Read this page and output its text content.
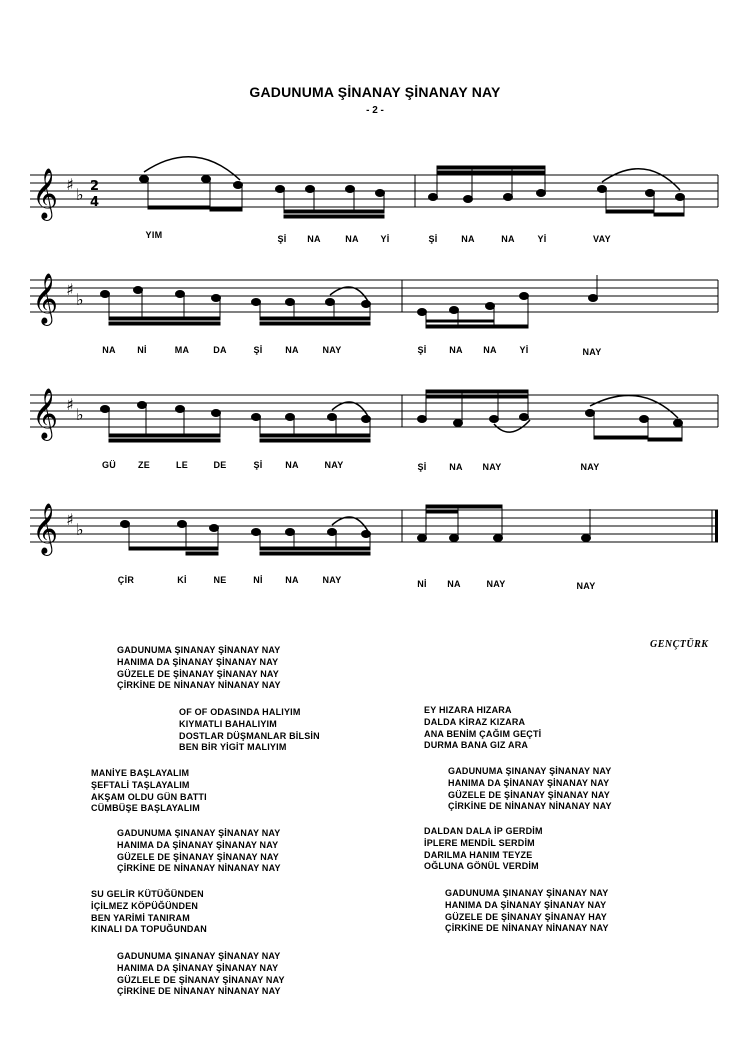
GADUNUMA ŞİNANAY ŞİNANAY NAY
- 2 -
𝄞 ♯
♭ 2
4
YIM	Şİ NA	NA Yİ	Şİ	NA	NA	Yİ	VAY
𝄞 ♯
♭
NA Nİ	MA	DA	Şİ	NA	NAY	Şİ	NA NA	Yİ	NAY
𝄞 ♯
♭
GÜ ZE	LE	DE	Şİ	NA	NAY	Şİ	NA NAY	NAY
𝄞 ♯
♭
ÇİR	Kİ	NE	Nİ NA	NAY	Nİ NA	NAY	NAY
GENÇTÜRK
GADUNUMA ŞINANAY ŞİNANAY NAY
HANIMA DA ŞİNANAY ŞİNANAY NAY
GÜZELE DE ŞİNANAY ŞİNANAY NAY
ÇİRKİNE DE NİNANAY NİNANAY NAY
OF OF ODASINDA HALIYIM
KIYMATLI BAHALIYIM
DOSTLAR DÜŞMANLAR BİLSİN
BEN BİR YİGİT MALIYIM
EY HIZARA HIZARA
DALDA KİRAZ KIZARA
ANA BENİM ÇAĞIM GEÇTİ
DURMA BANA GIZ ARA
MANİYE BAŞLAYALIM
ŞEFTALİ TAŞLAYALIM
AKŞAM OLDU GÜN BATTI
CÜMBÜŞE BAŞLAYALIM
GADUNUMA ŞINANAY ŞİNANAY NAY
HANIMA DA ŞİNANAY ŞİNANAY NAY
GÜZELE DE ŞİNANAY ŞİNANAY NAY
ÇİRKİNE DE NİNANAY NİNANAY NAY
GADUNUMA ŞINANAY ŞİNANAY NAY
HANIMA DA ŞİNANAY ŞİNANAY NAY
GÜZELE DE ŞİNANAY ŞİNANAY NAY
ÇİRKİNE DE NİNANAY NİNANAY NAY
DALDAN DALA İP GERDİM
İPLERE MENDİL SERDİM
DARILMA HANIM TEYZE
OĞLUNA GÖNÜL VERDİM
SU GELİR KÜTÜĞÜNDEN
İÇİLMEZ KÖPÜĞÜNDEN
BEN YARİMİ TANIRAM
KINALI DA TOPUĞUNDAN
GADUNUMA ŞINANAY ŞİNANAY NAY
HANIMA DA ŞİNANAY ŞİNANAY NAY
GÜZELE DE ŞİNANAY ŞİNANAY HAY
ÇİRKİNE DE NİNANAY NİNANAY NAY
GADUNUMA ŞINANAY ŞİNANAY NAY
HANIMA DA ŞİNANAY ŞİNANAY NAY
GÜZLELE DE ŞİNANAY ŞİNANAY NAY
ÇİRKİNE DE NİNANAY NİNANAY NAY
